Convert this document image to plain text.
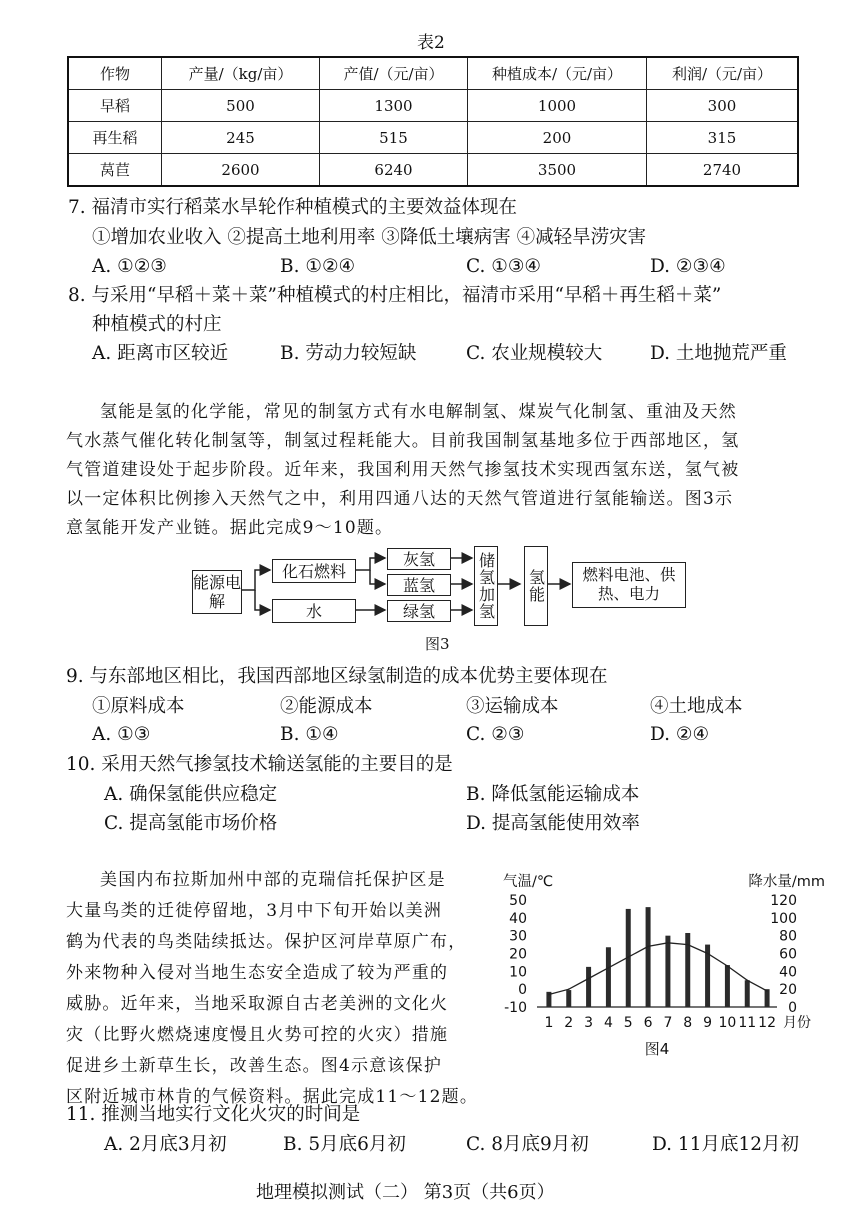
表2
作物	产量/（kg/亩）	产值/（元/亩）	种植成本/（元/亩）	利润/（元/亩）
早稻	500	1300	1000	300
再生稻	245	515	200	315
莴苣	2600	6240	3500	2740
7. 福清市实行稻菜水旱轮作种植模式的主要效益体现在
①增加农业收入 ②提高土地利用率 ③降低土壤病害 ④减轻旱涝灾害
A. ①②③	B. ①②④	C. ①③④	D. ②③④
8. 与采用“早稻＋菜＋菜”种植模式的村庄相比，福清市采用“早稻＋再生稻＋菜”
种植模式的村庄
A. 距离市区较近	B. 劳动力较短缺	C. 农业规模较大	D. 土地抛荒严重
氢能是氢的化学能，常见的制氢方式有水电解制氢、煤炭气化制氢、重油及天然
气水蒸气催化转化制氢等，制氢过程耗能大。目前我国制氢基地多位于西部地区，氢
气管道建设处于起步阶段。近年来，我国利用天然气掺氢技术实现西氢东送，氢气被
以一定体积比例掺入天然气之中，利用四通八达的天然气管道进行氢能输送。图3示
意氢能开发产业链。据此完成9～10题。
能源电解
化石燃料
水
灰氢
蓝氢
绿氢	储氢加氢 氢能	燃料电池、供热、电力
图3
9. 与东部地区相比，我国西部地区绿氢制造的成本优势主要体现在
①原料成本	②能源成本	③运输成本	④土地成本
A. ①③	B. ①④	C. ②③	D. ②④
10. 采用天然气掺氢技术输送氢能的主要目的是
A. 确保氢能供应稳定	B. 降低氢能运输成本
C. 提高氢能市场价格	D. 提高氢能使用效率
美国内布拉斯加州中部的克瑞信托保护区是
大量鸟类的迁徙停留地，3月中下旬开始以美洲
鹤为代表的鸟类陆续抵达。保护区河岸草原广布，
外来物种入侵对当地生态安全造成了较为严重的
威胁。近年来，当地采取源自古老美洲的文化火
灾（比野火燃烧速度慢且火势可控的火灾）措施
促进乡土新草生长，改善生态。图4示意该保护
区附近城市林肯的气候资料。据此完成11～12题。
气温/℃	降水量/mm
50
40
30
20
10
0
-10
120
100
80
60
40
20
0
1 2 3 4 5 6 7 8 9 10 11 12 月份
图4
11. 推测当地实行文化火灾的时间是
A. 2月底3月初	B. 5月底6月初	C. 8月底9月初	D. 11月底12月初
地理模拟测试（二） 第3页（共6页）
